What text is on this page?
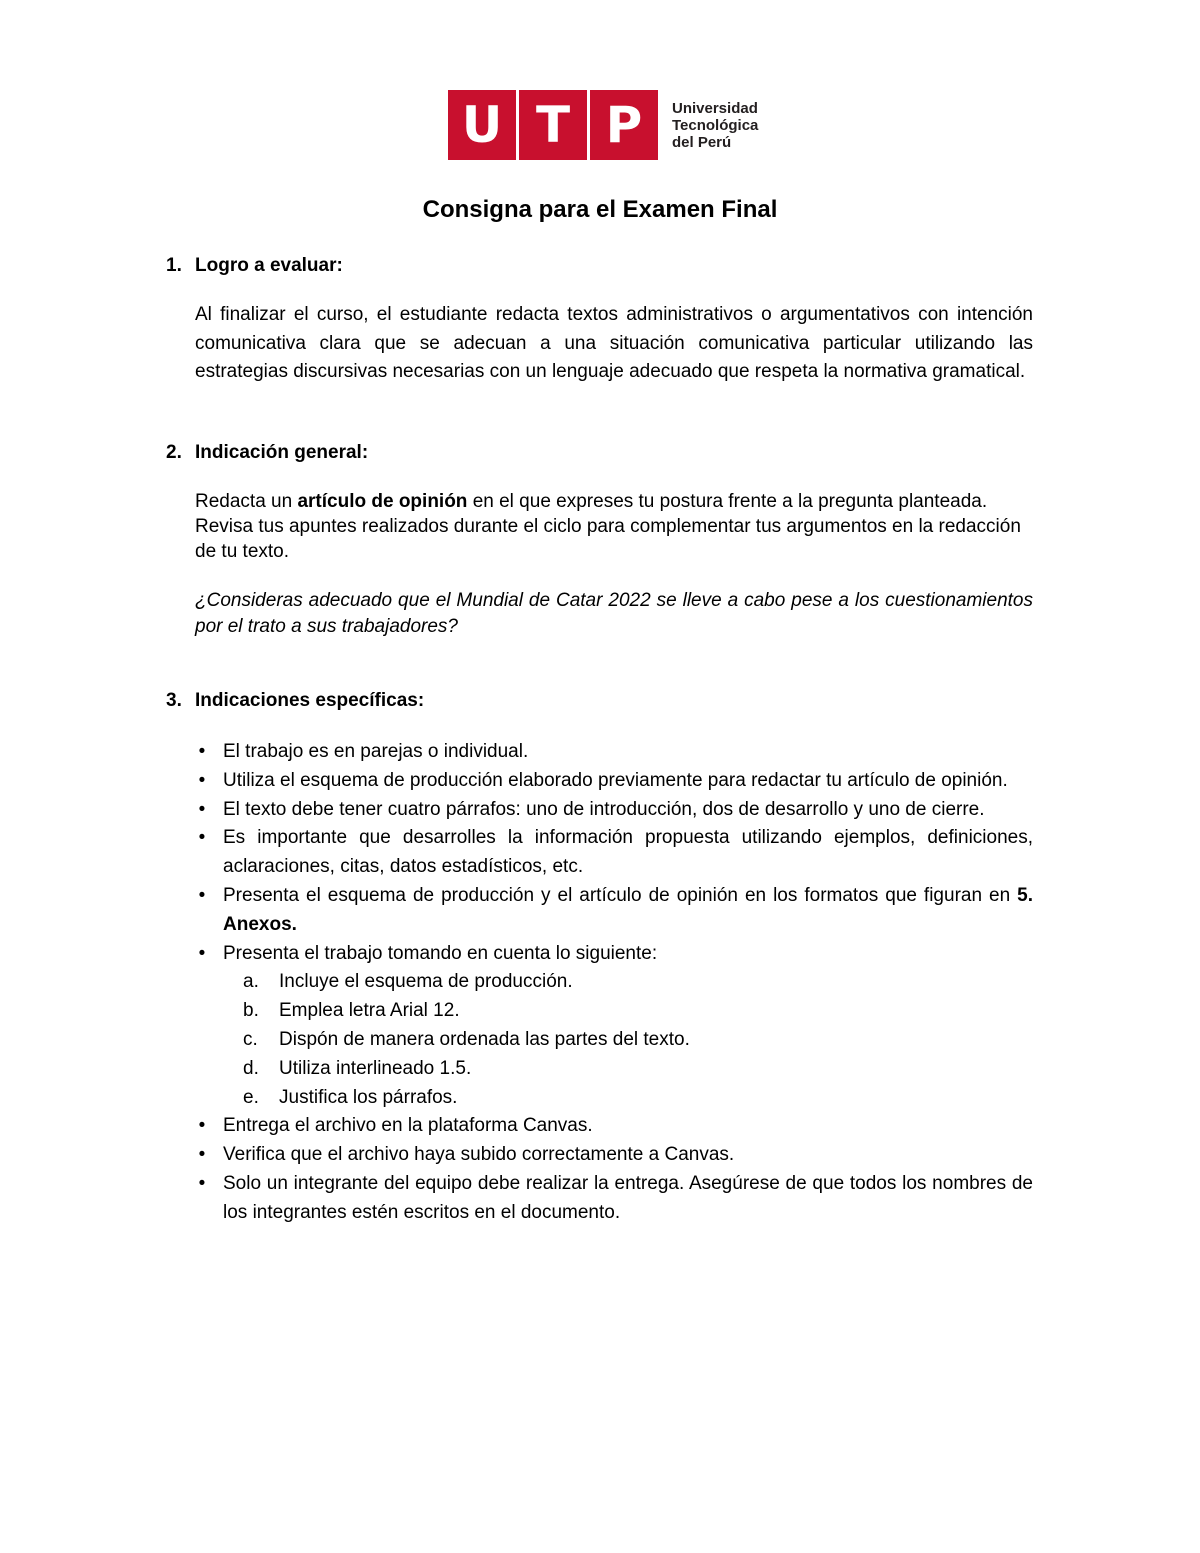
U T P	Universidad
Tecnológica
del Perú
Consigna para el Examen Final
1. Logro a evaluar:
Al finalizar el curso, el estudiante redacta textos administrativos o argumentativos con intención comunicativa clara que se adecuan a una situación comunicativa particular utilizando las estrategias discursivas necesarias con un lenguaje adecuado que respeta la normativa gramatical.
2. Indicación general:
Redacta un artículo de opinión en el que expreses tu postura frente a la pregunta planteada. Revisa tus apuntes realizados durante el ciclo para complementar tus argumentos en la redacción de tu texto.
¿Consideras adecuado que el Mundial de Catar 2022 se lleve a cabo pese a los cuestionamientos por el trato a sus trabajadores?
3. Indicaciones específicas:
• El trabajo es en parejas o individual.
• Utiliza el esquema de producción elaborado previamente para redactar tu artículo de opinión.
• El texto debe tener cuatro párrafos: uno de introducción, dos de desarrollo y uno de cierre.
• Es importante que desarrolles la información propuesta utilizando ejemplos, definiciones, aclaraciones, citas, datos estadísticos, etc.
• Presenta el esquema de producción y el artículo de opinión en los formatos que figuran en 5. Anexos.
• Presenta el trabajo tomando en cuenta lo siguiente:
a. Incluye el esquema de producción.
b. Emplea letra Arial 12.
c. Dispón de manera ordenada las partes del texto.
d. Utiliza interlineado 1.5.
e. Justifica los párrafos.
• Entrega el archivo en la plataforma Canvas.
• Verifica que el archivo haya subido correctamente a Canvas.
• Solo un integrante del equipo debe realizar la entrega. Asegúrese de que todos los nombres de los integrantes estén escritos en el documento.
